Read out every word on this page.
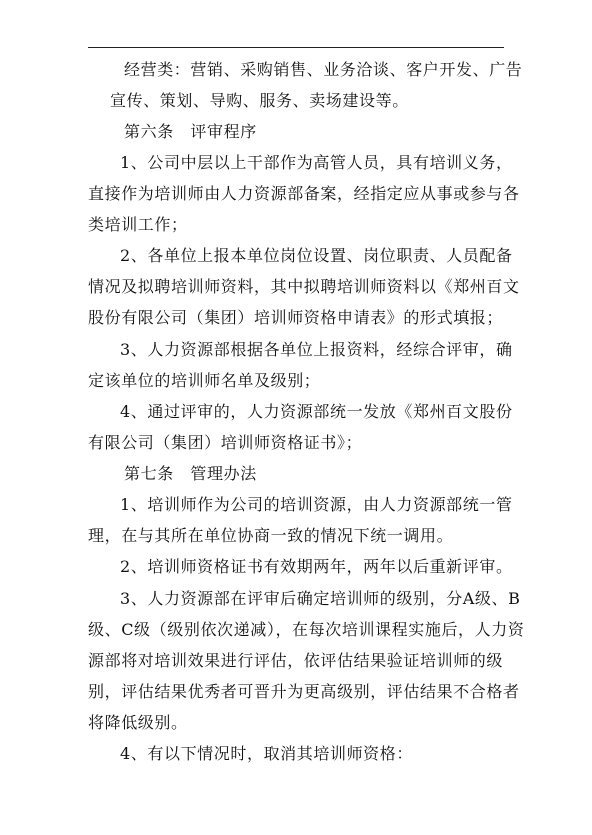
经营类：营销、采购销售、业务洽谈、客户开发、广告
宣传、策划、导购、服务、卖场建设等。
第六条　评审程序
1、公司中层以上干部作为高管人员，具有培训义务，
直接作为培训师由人力资源部备案，经指定应从事或参与各
类培训工作；
2、各单位上报本单位岗位设置、岗位职责、人员配备
情况及拟聘培训师资料，其中拟聘培训师资料以《郑州百文
股份有限公司（集团）培训师资格申请表》的形式填报；
3、人力资源部根据各单位上报资料，经综合评审，确
定该单位的培训师名单及级别；
4、通过评审的，人力资源部统一发放《郑州百文股份
有限公司（集团）培训师资格证书》；
第七条　管理办法
1、培训师作为公司的培训资源，由人力资源部统一管
理，在与其所在单位协商一致的情况下统一调用。
2、培训师资格证书有效期两年，两年以后重新评审。
3、人力资源部在评审后确定培训师的级别，分A级、B
级、C级（级别依次递减），在每次培训课程实施后，人力资
源部将对培训效果进行评估，依评估结果验证培训师的级
别，评估结果优秀者可晋升为更高级别，评估结果不合格者
将降低级别。
4、有以下情况时，取消其培训师资格：
